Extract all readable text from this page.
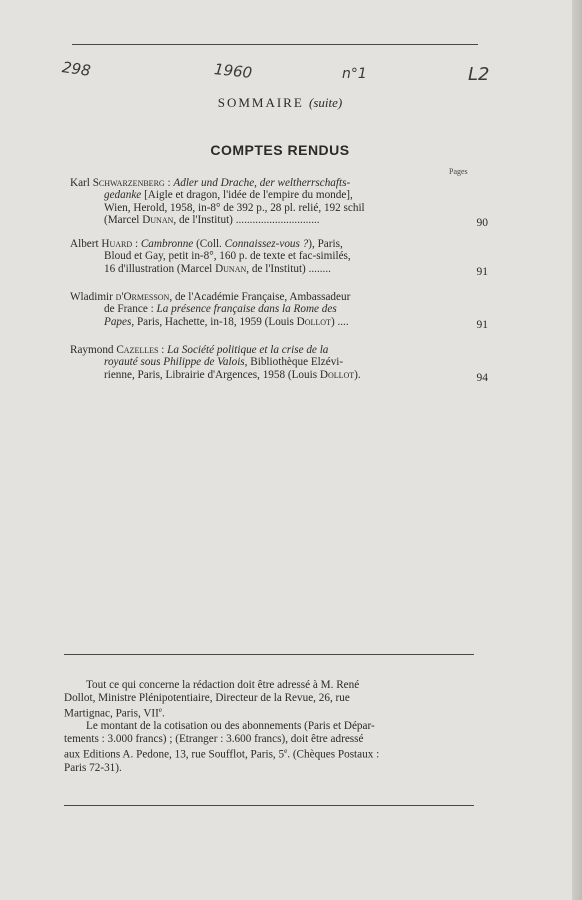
298	1960	n°1	L2
SOMMAIRE (suite)
COMPTES RENDUS
Pages
Karl Schwarzenberg : Adler und Drache, der weltherrschafts-
gedanke [Aigle et dragon, l'idée de l'empire du monde],
Wien, Herold, 1958, in-8° de 392 p., 28 pl. relié, 192 schil
(Marcel Dunan, de l'Institut) ..............................	90
Albert Huard : Cambronne (Coll. Connaissez-vous ?), Paris,
Bloud et Gay, petit in-8°, 160 p. de texte et fac-similés,
16 d'illustration (Marcel Dunan, de l'Institut) ........	91
Wladimir d'Ormesson, de l'Académie Française, Ambassadeur
de France : La présence française dans la Rome des
Papes, Paris, Hachette, in-18, 1959 (Louis Dollot) ....	91
Raymond Cazelles : La Société politique et la crise de la
royauté sous Philippe de Valois, Bibliothèque Elzévi-
rienne, Paris, Librairie d'Argences, 1958 (Louis Dollot).	94
Tout ce qui concerne la rédaction doit être adressé à M. René
Dollot, Ministre Plénipotentiaire, Directeur de la Revue, 26, rue
Martignac, Paris, VIIe.
Le montant de la cotisation ou des abonnements (Paris et Dépar-
tements : 3.000 francs) ; (Etranger : 3.600 francs), doit être adressé
aux Editions A. Pedone, 13, rue Soufflot, Paris, 5e. (Chèques Postaux :
Paris 72-31).
